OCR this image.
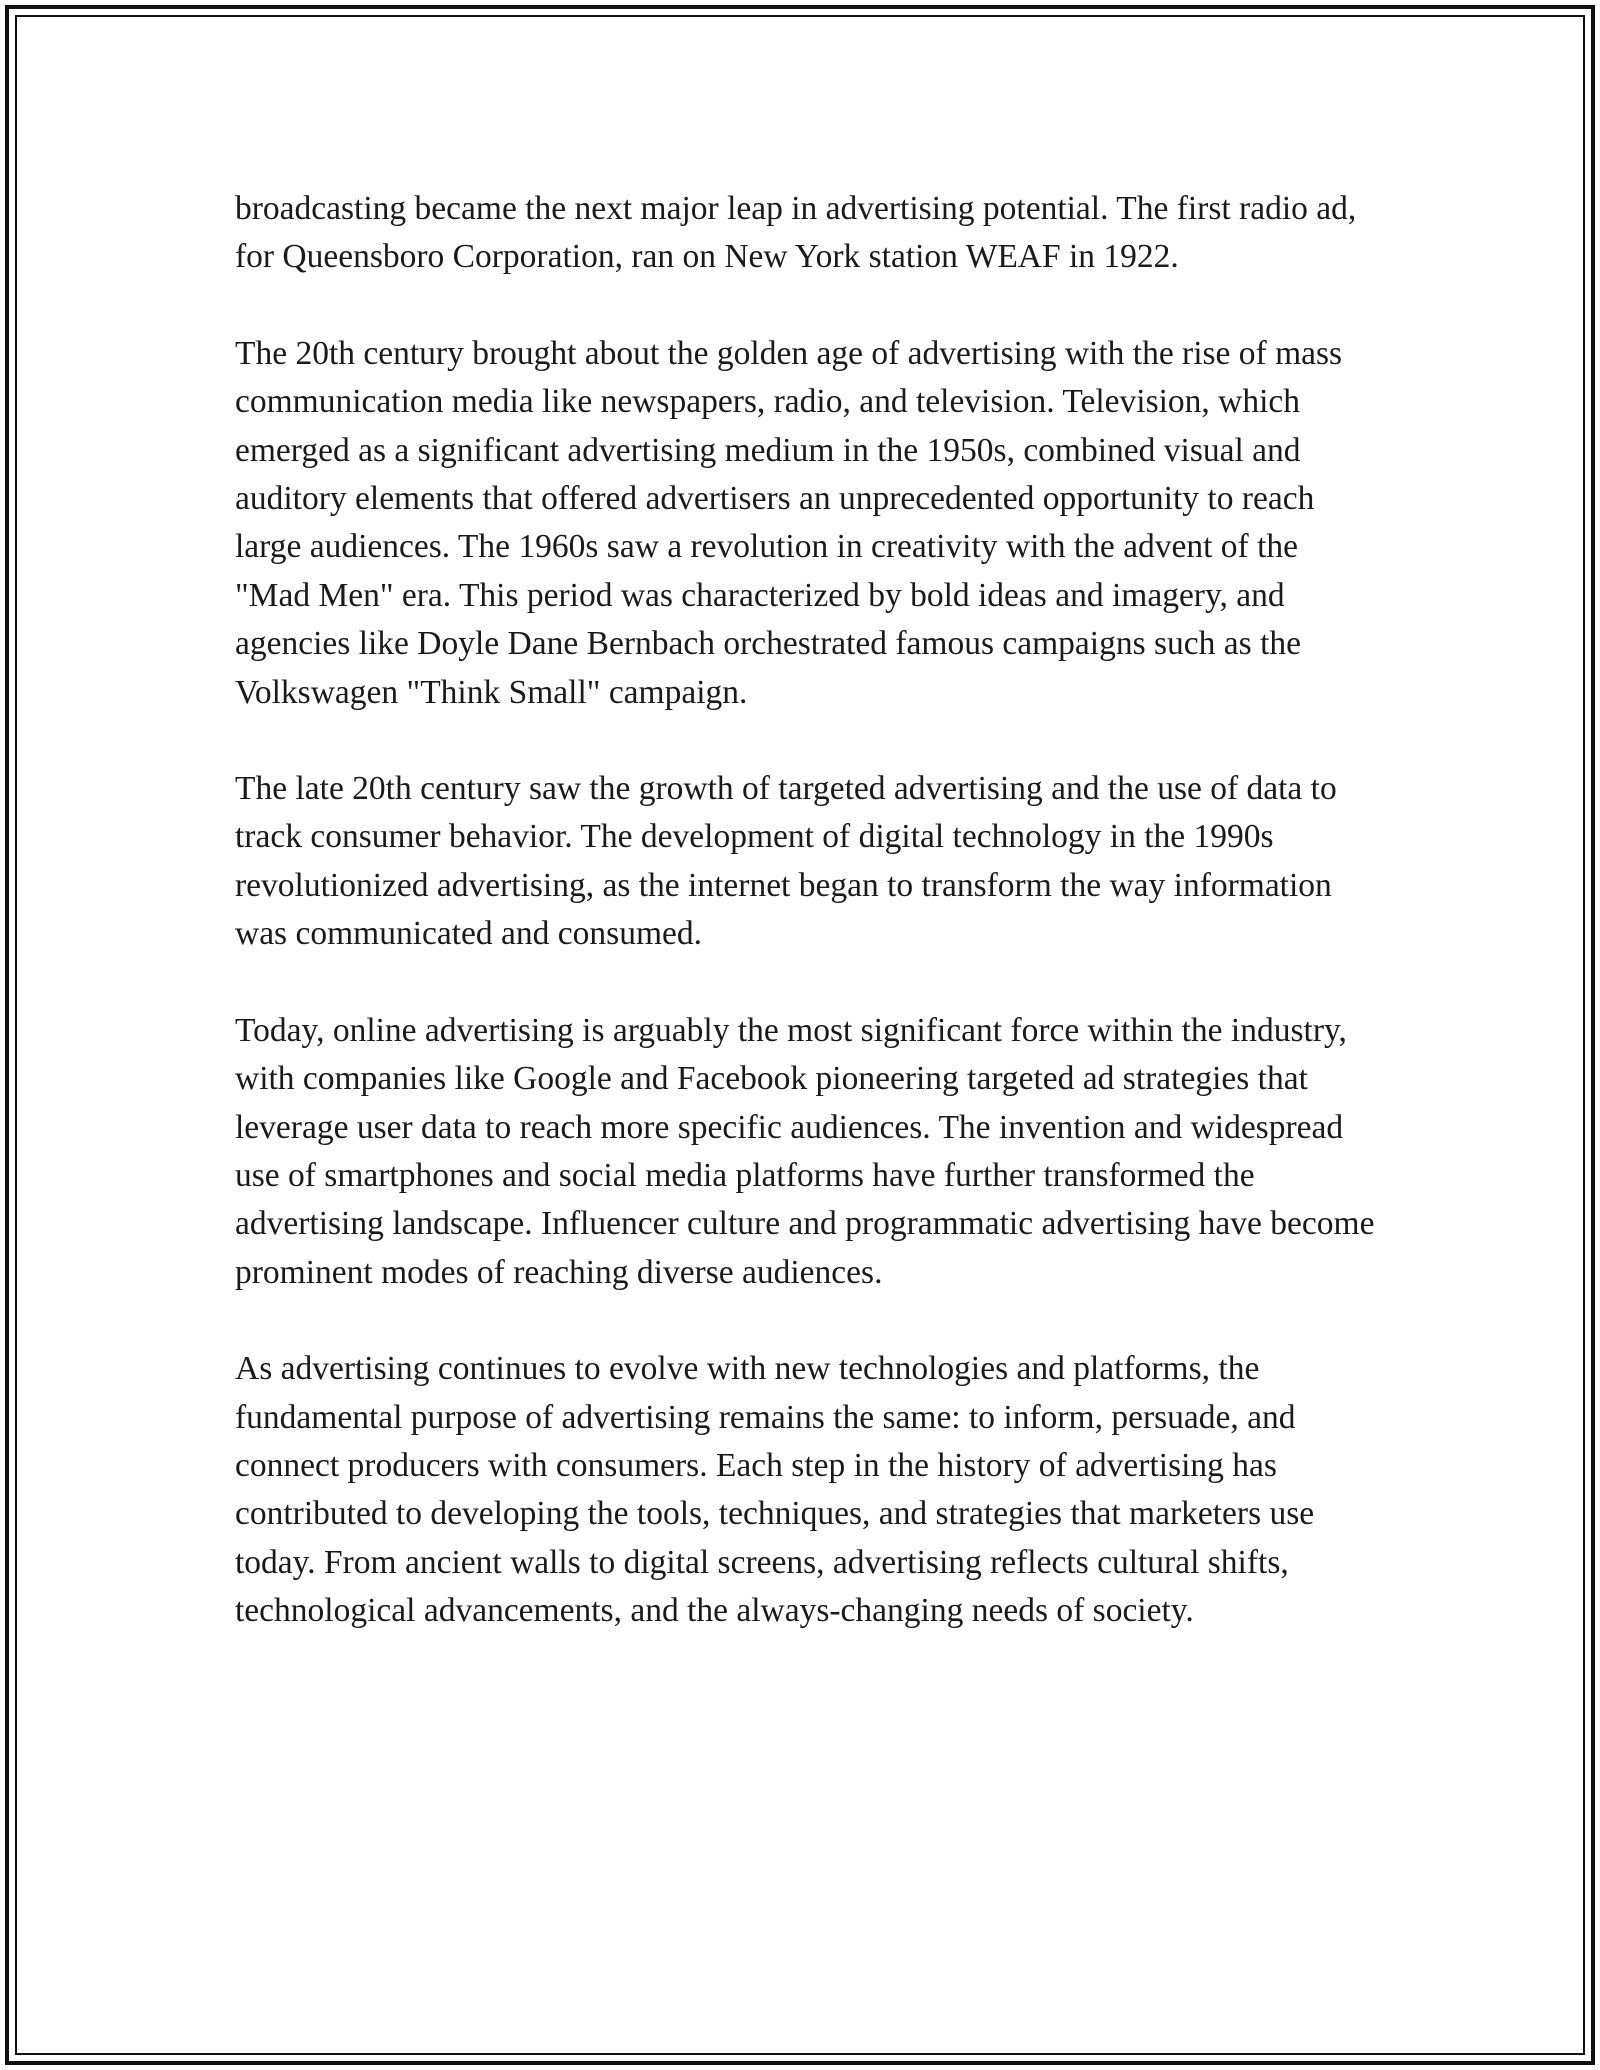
broadcasting became the next major leap in advertising potential. The first radio ad, for Queensboro Corporation, ran on New York station WEAF in 1922.

The 20th century brought about the golden age of advertising with the rise of mass communication media like newspapers, radio, and television. Television, which emerged as a significant advertising medium in the 1950s, combined visual and auditory elements that offered advertisers an unprecedented opportunity to reach large audiences. The 1960s saw a revolution in creativity with the advent of the "Mad Men" era. This period was characterized by bold ideas and imagery, and agencies like Doyle Dane Bernbach orchestrated famous campaigns such as the Volkswagen "Think Small" campaign.

The late 20th century saw the growth of targeted advertising and the use of data to track consumer behavior. The development of digital technology in the 1990s revolutionized advertising, as the internet began to transform the way information was communicated and consumed.

Today, online advertising is arguably the most significant force within the industry, with companies like Google and Facebook pioneering targeted ad strategies that leverage user data to reach more specific audiences. The invention and widespread use of smartphones and social media platforms have further transformed the advertising landscape. Influencer culture and programmatic advertising have become prominent modes of reaching diverse audiences.

As advertising continues to evolve with new technologies and platforms, the fundamental purpose of advertising remains the same: to inform, persuade, and connect producers with consumers. Each step in the history of advertising has contributed to developing the tools, techniques, and strategies that marketers use today. From ancient walls to digital screens, advertising reflects cultural shifts, technological advancements, and the always-changing needs of society.
